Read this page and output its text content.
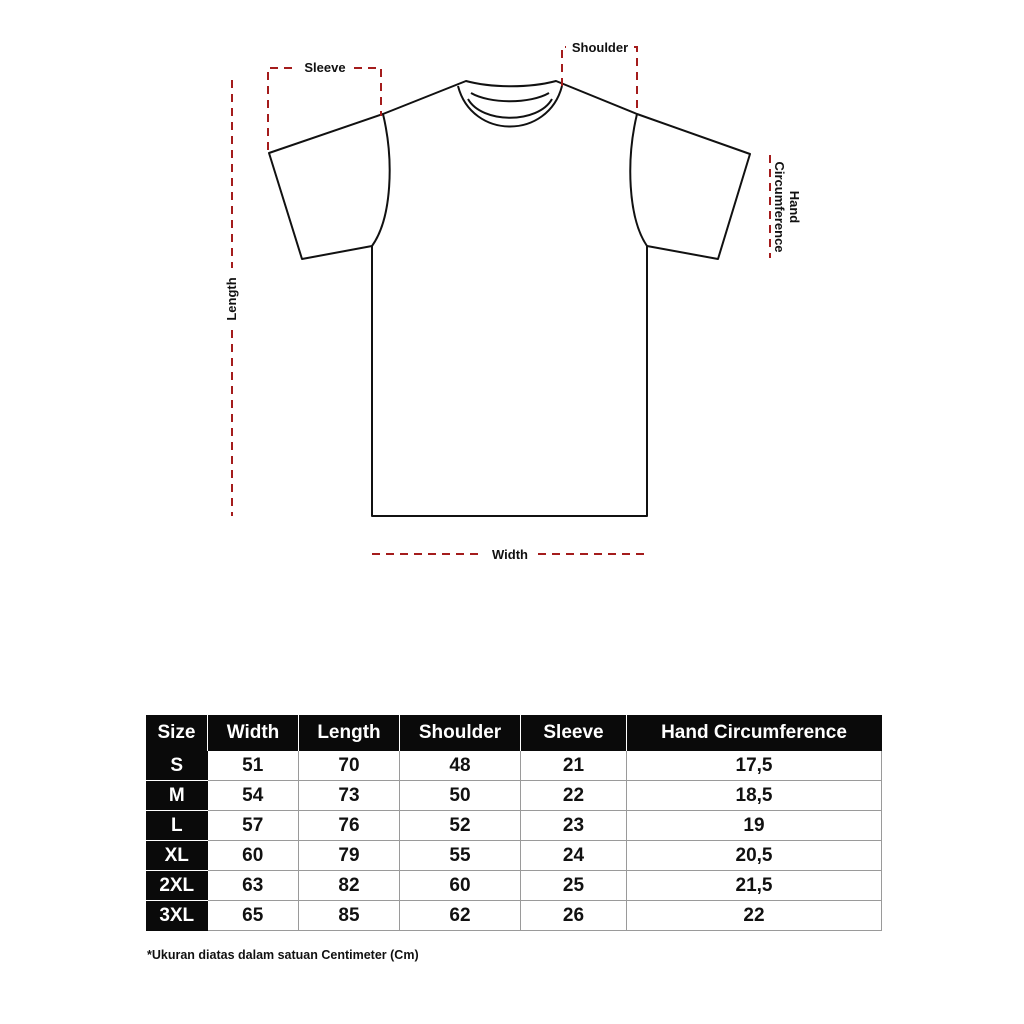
Sleeve
Shoulder
Length
Width
Hand
Circumference
Size	Width	Length	Shoulder	Sleeve	Hand Circumference
S	51	70	48	21	17,5
M	54	73	50	22	18,5
L	57	76	52	23	19
XL	60	79	55	24	20,5
2XL	63	82	60	25	21,5
3XL	65	85	62	26	22
*Ukuran diatas dalam satuan Centimeter (Cm)
